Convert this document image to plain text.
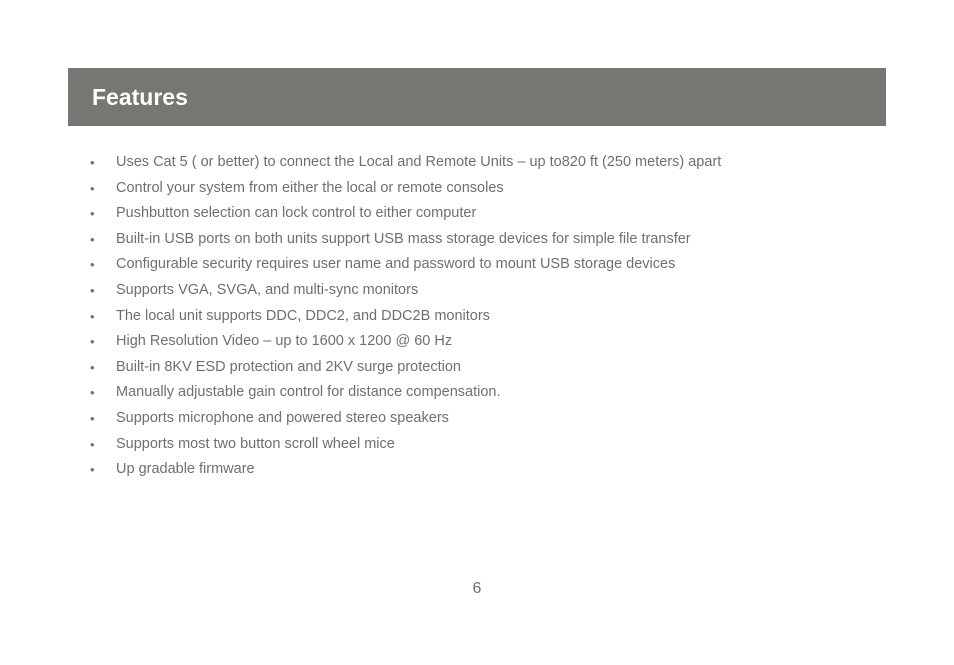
Features
• Uses Cat 5 ( or better) to connect the Local and Remote Units – up to820 ft (250 meters) apart
• Control your system from either the local or remote consoles
• Pushbutton selection can lock control to either computer
• Built-in USB ports on both units support USB mass storage devices for simple file transfer
• Configurable security requires user name and password to mount USB storage devices
• Supports VGA, SVGA, and multi-sync monitors
• The local unit supports DDC, DDC2, and DDC2B monitors
• High Resolution Video – up to 1600 x 1200 @ 60 Hz
• Built-in 8KV ESD protection and 2KV surge protection
• Manually adjustable gain control for distance compensation.
• Supports microphone and powered stereo speakers
• Supports most two button scroll wheel mice
• Up gradable firmware
6
